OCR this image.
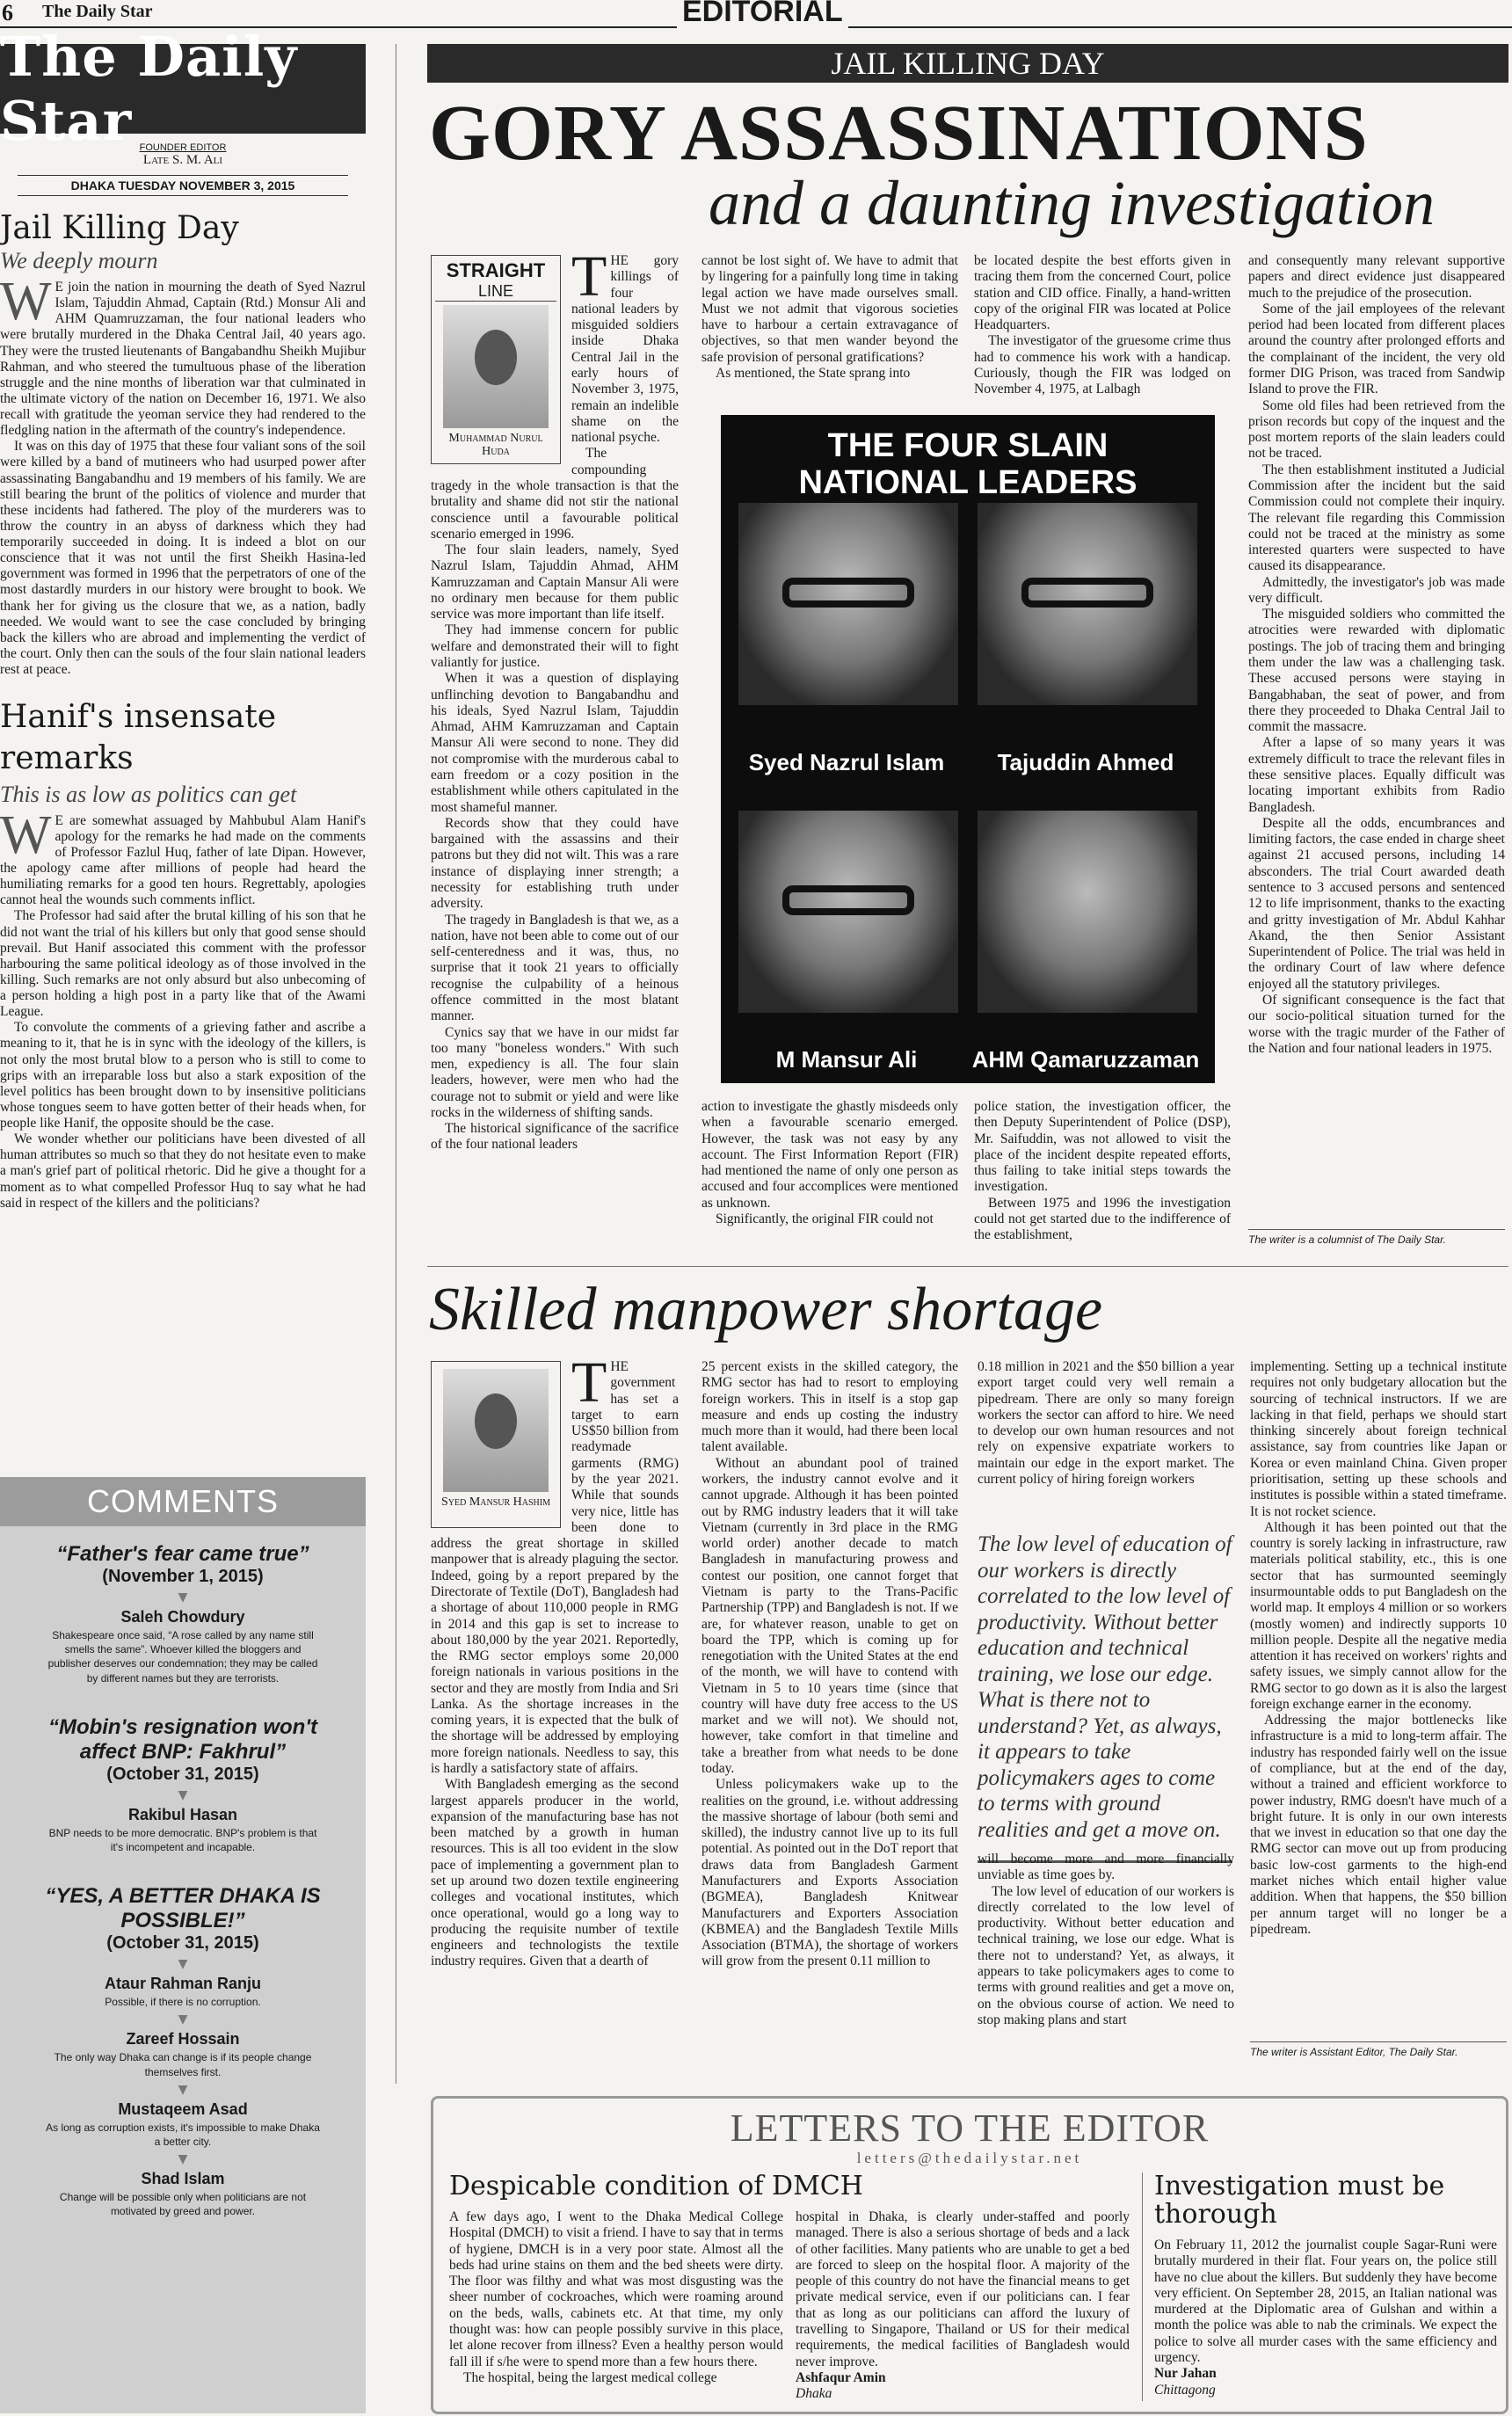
6 The Daily Star	EDITORIAL
The Daily Star FOUNDER EDITOR
Late S. M. Ali
DHAKA TUESDAY NOVEMBER 3, 2015
Jail Killing Day
We deeply mourn
W E join the nation in mourning the death of Syed Nazrul Islam, Tajuddin Ahmad, Captain (Rtd.) Monsur Ali and AHM Quamruzzaman, the four national leaders who were brutally murdered in the Dhaka Central Jail, 40 years ago. They were the trusted lieutenants of Bangabandhu Sheikh Mujibur Rahman, and who steered the tumultuous phase of the liberation struggle and the nine months of liberation war that culminated in the ultimate victory of the nation on December 16, 1971. We also recall with gratitude the yeoman service they had rendered to the fledgling nation in the aftermath of the country's independence.

It was on this day of 1975 that these four valiant sons of the soil were killed by a band of mutineers who had usurped power after assassinating Bangabandhu and 19 members of his family. We are still bearing the brunt of the politics of violence and murder that these incidents had fathered. The ploy of the murderers was to throw the country in an abyss of darkness which they had temporarily succeeded in doing. It is indeed a blot on our conscience that it was not until the first Sheikh Hasina-led government was formed in 1996 that the perpetrators of one of the most dastardly murders in our history were brought to book. We thank her for giving us the closure that we, as a nation, badly needed. We would want to see the case concluded by bringing back the killers who are abroad and implementing the verdict of the court. Only then can the souls of the four slain national leaders rest at peace.

Hanif's insensate remarks
This is as low as politics can get
W E are somewhat assuaged by Mahbubul Alam Hanif's apology for the remarks he had made on the comments of Professor Fazlul Huq, father of late Dipan. However, the apology came after millions of people had heard the humiliating remarks for a good ten hours. Regrettably, apologies cannot heal the wounds such comments inflict.

The Professor had said after the brutal killing of his son that he did not want the trial of his killers but only that good sense should prevail. But Hanif associated this comment with the professor harbouring the same political ideology as of those involved in the killing. Such remarks are not only absurd but also unbecoming of a person holding a high post in a party like that of the Awami League.

To convolute the comments of a grieving father and ascribe a meaning to it, that he is in sync with the ideology of the killers, is not only the most brutal blow to a person who is still to come to grips with an irreparable loss but also a stark exposition of the level politics has been brought down to by insensitive politicians whose tongues seem to have gotten better of their heads when, for people like Hanif, the opposite should be the case.

We wonder whether our politicians have been divested of all human attributes so much so that they do not hesitate even to make a man's grief part of political rhetoric. Did he give a thought for a moment as to what compelled Professor Huq to say what he had said in respect of the killers and the politicians?

COMMENTS
“Father's fear came true”
(November 1, 2015)
▼
Saleh Chowdury
Shakespeare once said, “A rose called by any name still smells the same”. Whoever killed the bloggers and publisher deserves our condemnation; they may be called by different names but they are terrorists.
“Mobin's resignation won't affect BNP: Fakhrul”
(October 31, 2015)
▼
Rakibul Hasan
BNP needs to be more democratic. BNP's problem is that it's incompetent and incapable.
“YES, A BETTER DHAKA IS POSSIBLE!”
(October 31, 2015)
▼
Ataur Rahman Ranju
Possible, if there is no corruption.
▼
Zareef Hossain
The only way Dhaka can change is if its people change themselves first.
▼
Mustaqeem Asad
As long as corruption exists, it's impossible to make Dhaka a better city.
▼
Shad Islam
Change will be possible only when politicians are not motivated by greed and power.
JAIL KILLING DAY
GORY ASSASSINATIONS
and a daunting investigation
STRAIGHT
LINE
Muhammad Nurul Huda
T HE gory killings of four national leaders by misguided soldiers inside Dhaka Central Jail in the early hours of November 3, 1975, remain an indelible shame on the national psyche.

The compounding tragedy in the whole transaction is that the brutality and shame did not stir the national conscience until a favourable political scenario emerged in 1996.

The four slain leaders, namely, Syed Nazrul Islam, Tajuddin Ahmad, AHM Kamruzzaman and Captain Mansur Ali were no ordinary men because for them public service was more important than life itself.

They had immense concern for public welfare and demonstrated their will to fight valiantly for justice.

When it was a question of displaying unflinching devotion to Bangabandhu and his ideals, Syed Nazrul Islam, Tajuddin Ahmad, AHM Kamruzzaman and Captain Mansur Ali were second to none. They did not compromise with the murderous cabal to earn freedom or a cozy position in the establishment while others capitulated in the most shameful manner.

Records show that they could have bargained with the assassins and their patrons but they did not wilt. This was a rare instance of displaying inner strength; a necessity for establishing truth under adversity.

The tragedy in Bangladesh is that we, as a nation, have not been able to come out of our self-centeredness and it was, thus, no surprise that it took 21 years to officially recognise the culpability of a heinous offence committed in the most blatant manner.

Cynics say that we have in our midst far too many "boneless wonders." With such men, expediency is all. The four slain leaders, however, were men who had the courage not to submit or yield and were like rocks in the wilderness of shifting sands.

The historical significance of the sacrifice of the four national leaders

cannot be lost sight of. We have to admit that by lingering for a painfully long time in taking legal action we have made ourselves small. Must we not admit that vigorous societies have to harbour a certain extravagance of objectives, so that men wander beyond the safe provision of personal gratifications?

As mentioned, the State sprang into

be located despite the best efforts given in tracing them from the concerned Court, police station and CID office. Finally, a hand-written copy of the original FIR was located at Police Headquarters.

The investigator of the gruesome crime thus had to commence his work with a handicap. Curiously, though the FIR was lodged on November 4, 1975, at Lalbagh

THE FOUR SLAIN
NATIONAL LEADERS
Syed Nazrul Islam	Tajuddin Ahmed
M Mansur Ali	AHM Qamaruzzaman

action to investigate the ghastly misdeeds only when a favourable scenario emerged. However, the task was not easy by any account. The First Information Report (FIR) had mentioned the name of only one person as accused and four accomplices were mentioned as unknown.

Significantly, the original FIR could not

police station, the investigation officer, the then Deputy Superintendent of Police (DSP), Mr. Saifuddin, was not allowed to visit the place of the incident despite repeated efforts, thus failing to take initial steps towards the investigation.

Between 1975 and 1996 the investigation could not get started due to the indifference of the establishment,

and consequently many relevant supportive papers and direct evidence just disappeared much to the prejudice of the prosecution.

Some of the jail employees of the relevant period had been located from different places around the country after prolonged efforts and the complainant of the incident, the very old former DIG Prison, was traced from Sandwip Island to prove the FIR.

Some old files had been retrieved from the prison records but copy of the inquest and the post mortem reports of the slain leaders could not be traced.

The then establishment instituted a Judicial Commission after the incident but the said Commission could not complete their inquiry. The relevant file regarding this Commission could not be traced at the ministry as some interested quarters were suspected to have caused its disappearance.

Admittedly, the investigator's job was made very difficult.

The misguided soldiers who committed the atrocities were rewarded with diplomatic postings. The job of tracing them and bringing them under the law was a challenging task. These accused persons were staying in Bangabhaban, the seat of power, and from there they proceeded to Dhaka Central Jail to commit the massacre.

After a lapse of so many years it was extremely difficult to trace the relevant files in these sensitive places. Equally difficult was locating important exhibits from Radio Bangladesh.

Despite all the odds, encumbrances and limiting factors, the case ended in charge sheet against 21 accused persons, including 14 absconders. The trial Court awarded death sentence to 3 accused persons and sentenced 12 to life imprisonment, thanks to the exacting and gritty investigation of Mr. Abdul Kahhar Akand, the then Senior Assistant Superintendent of Police. The trial was held in the ordinary Court of law where defence enjoyed all the statutory privileges.

Of significant consequence is the fact that our socio-political situation turned for the worse with the tragic murder of the Father of the Nation and four national leaders in 1975.

The writer is a columnist of The Daily Star.
Skilled manpower shortage
Syed Mansur Hashim
T HE government has set a target to earn US$50 billion from readymade garments (RMG) by the year 2021. While that sounds very nice, little has been done to address the great shortage in skilled manpower that is already plaguing the sector. Indeed, going by a report prepared by the Directorate of Textile (DoT), Bangladesh had a shortage of about 110,000 people in RMG in 2014 and this gap is set to increase to about 180,000 by the year 2021. Reportedly, the RMG sector employs some 20,000 foreign nationals in various positions in the sector and they are mostly from India and Sri Lanka. As the shortage increases in the coming years, it is expected that the bulk of the shortage will be addressed by employing more foreign nationals. Needless to say, this is hardly a satisfactory state of affairs.

With Bangladesh emerging as the second largest apparels producer in the world, expansion of the manufacturing base has not been matched by a growth in human resources. This is all too evident in the slow pace of implementing a government plan to set up around two dozen textile engineering colleges and vocational institutes, which once operational, would go a long way to producing the requisite number of textile engineers and technologists the textile industry requires. Given that a dearth of

25 percent exists in the skilled category, the RMG sector has had to resort to employing foreign workers. This in itself is a stop gap measure and ends up costing the industry much more than it would, had there been local talent available.

Without an abundant pool of trained workers, the industry cannot evolve and it cannot upgrade. Although it has been pointed out by RMG industry leaders that it will take Vietnam (currently in 3rd place in the RMG world order) another decade to match Bangladesh in manufacturing prowess and contest our position, one cannot forget that Vietnam is party to the Trans-Pacific Partnership (TPP) and Bangladesh is not. If we are, for whatever reason, unable to get on board the TPP, which is coming up for renegotiation with the United States at the end of the month, we will have to contend with Vietnam in 5 to 10 years time (since that country will have duty free access to the US market and we will not). We should not, however, take comfort in that timeline and take a breather from what needs to be done today.

Unless policymakers wake up to the realities on the ground, i.e. without addressing the massive shortage of labour (both semi and skilled), the industry cannot live up to its full potential. As pointed out in the DoT report that draws data from Bangladesh Garment Manufacturers and Exports Association (BGMEA), Bangladesh Knitwear Manufacturers and Exporters Association (KBMEA) and the Bangladesh Textile Mills Association (BTMA), the shortage of workers will grow from the present 0.11 million to

0.18 million in 2021 and the $50 billion a year export target could very well remain a pipedream. There are only so many foreign workers the sector can afford to hire. We need to develop our own human resources and not rely on expensive expatriate workers to maintain our edge in the export market. The current policy of hiring foreign workers

The low level of education of our workers is directly correlated to the low level of productivity. Without better education and technical training, we lose our edge. What is there not to understand? Yet, as always, it appears to take policymakers ages to come to terms with ground realities and get a move on.

will become more and more financially unviable as time goes by.

The low level of education of our workers is directly correlated to the low level of productivity. Without better education and technical training, we lose our edge. What is there not to understand? Yet, as always, it appears to take policymakers ages to come to terms with ground realities and get a move on, on the obvious course of action. We need to stop making plans and start

implementing. Setting up a technical institute requires not only budgetary allocation but the sourcing of technical instructors. If we are lacking in that field, perhaps we should start thinking sincerely about foreign technical assistance, say from countries like Japan or Korea or even mainland China. Given proper prioritisation, setting up these schools and institutes is possible within a stated timeframe. It is not rocket science.

Although it has been pointed out that the country is sorely lacking in infrastructure, raw materials political stability, etc., this is one sector that has surmounted seemingly insurmountable odds to put Bangladesh on the world map. It employs 4 million or so workers (mostly women) and indirectly supports 10 million people. Despite all the negative media attention it has received on workers' rights and safety issues, we simply cannot allow for the RMG sector to go down as it is also the largest foreign exchange earner in the economy.

Addressing the major bottlenecks like infrastructure is a mid to long-term affair. The industry has responded fairly well on the issue of compliance, but at the end of the day, without a trained and efficient workforce to power industry, RMG doesn't have much of a bright future. It is only in our own interests that we invest in education so that one day the RMG sector can move out up from producing basic low-cost garments to the high-end market niches which entail higher value addition. When that happens, the $50 billion per annum target will no longer be a pipedream.

The writer is Assistant Editor, The Daily Star.
LETTERS TO THE EDITOR
letters@thedailystar.net
Despicable condition of DMCH

A few days ago, I went to the Dhaka Medical College Hospital (DMCH) to visit a friend. I have to say that in terms of hygiene, DMCH is in a very poor state. Almost all the beds had urine stains on them and the bed sheets were dirty. The floor was filthy and what was most disgusting was the sheer number of cockroaches, which were roaming around on the beds, walls, cabinets etc. At that time, my only thought was: how can people possibly survive in this place, let alone recover from illness? Even a healthy person would fall ill if s/he were to spend more than a few hours there.

The hospital, being the largest medical college

hospital in Dhaka, is clearly under-staffed and poorly managed. There is also a serious shortage of beds and a lack of other facilities. Many patients who are unable to get a bed are forced to sleep on the hospital floor. A majority of the people of this country do not have the financial means to get private medical service, even if our politicians can. I fear that as long as our politicians can afford the luxury of travelling to Singapore, Thailand or US for their medical requirements, the medical facilities of Bangladesh would never improve.

Ashfaqur Amin
Dhaka
Investigation must be thorough

On February 11, 2012 the journalist couple Sagar-Runi were brutally murdered in their flat. Four years on, the police still have no clue about the killers. But suddenly they have become very efficient. On September 28, 2015, an Italian national was murdered at the Diplomatic area of Gulshan and within a month the police was able to nab the criminals. We expect the police to solve all murder cases with the same efficiency and urgency.

Nur Jahan
Chittagong
